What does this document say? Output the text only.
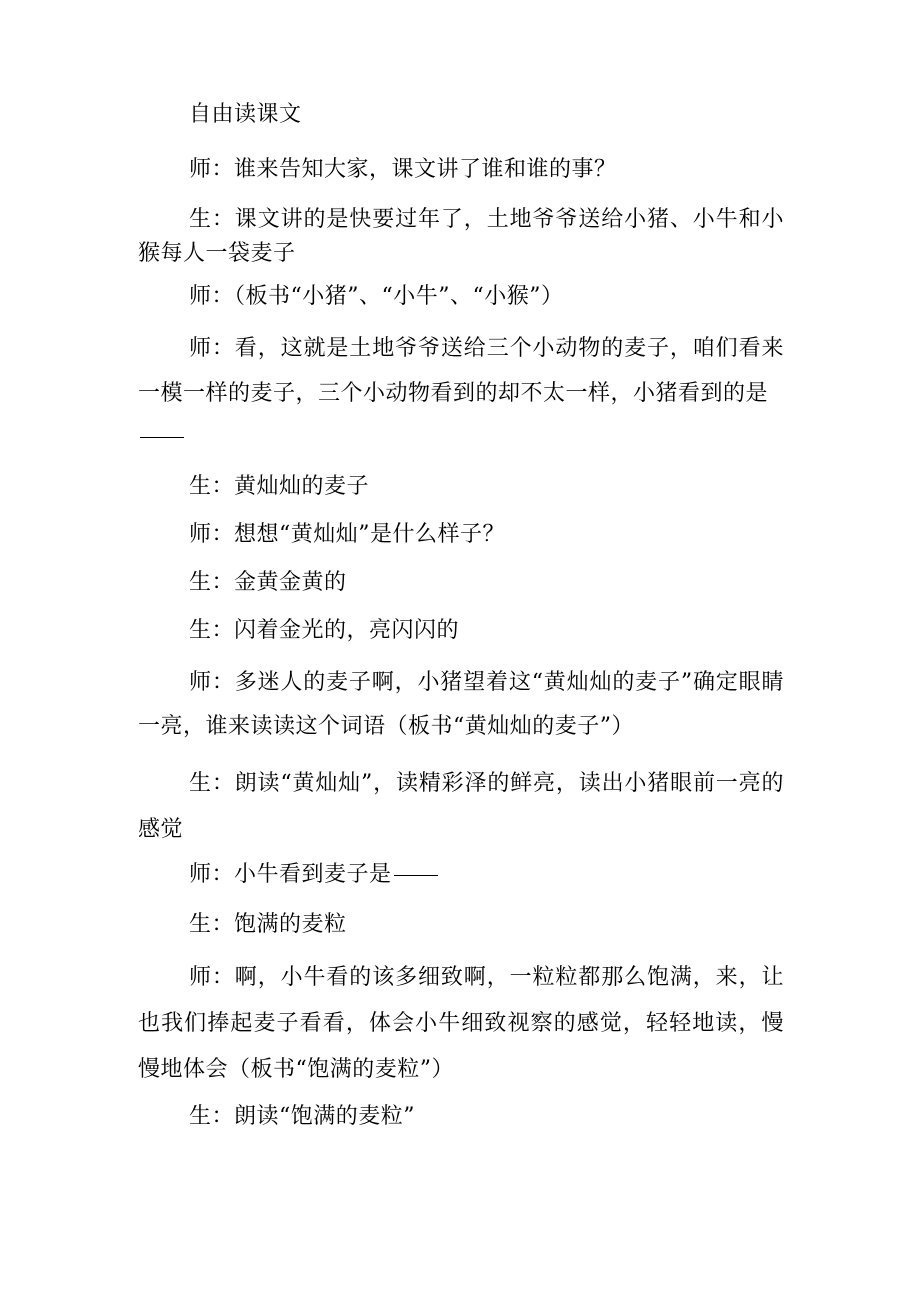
自由读课文

师：谁来告知大家，课文讲了谁和谁的事？

生：课文讲的是快要过年了，土地爷爷送给小猪、小牛和小猴每人一袋麦子

师：（板书“小猪”、“小牛”、“小猴”）

师：看，这就是土地爷爷送给三个小动物的麦子，咱们看来一模一样的麦子，三个小动物看到的却不太一样，小猪看到的是

生：黄灿灿的麦子

师：想想“黄灿灿”是什么样子？

生：金黄金黄的

生：闪着金光的，亮闪闪的

师：多迷人的麦子啊，小猪望着这“黄灿灿的麦子”确定眼睛一亮，谁来读读这个词语（板书“黄灿灿的麦子”）

生：朗读“黄灿灿”，读精彩泽的鲜亮，读出小猪眼前一亮的感觉

师：小牛看到麦子是

生：饱满的麦粒

师：啊，小牛看的该多细致啊，一粒粒都那么饱满，来，让也我们捧起麦子看看，体会小牛细致视察的感觉，轻轻地读，慢慢地体会（板书“饱满的麦粒”）

生：朗读“饱满的麦粒”
